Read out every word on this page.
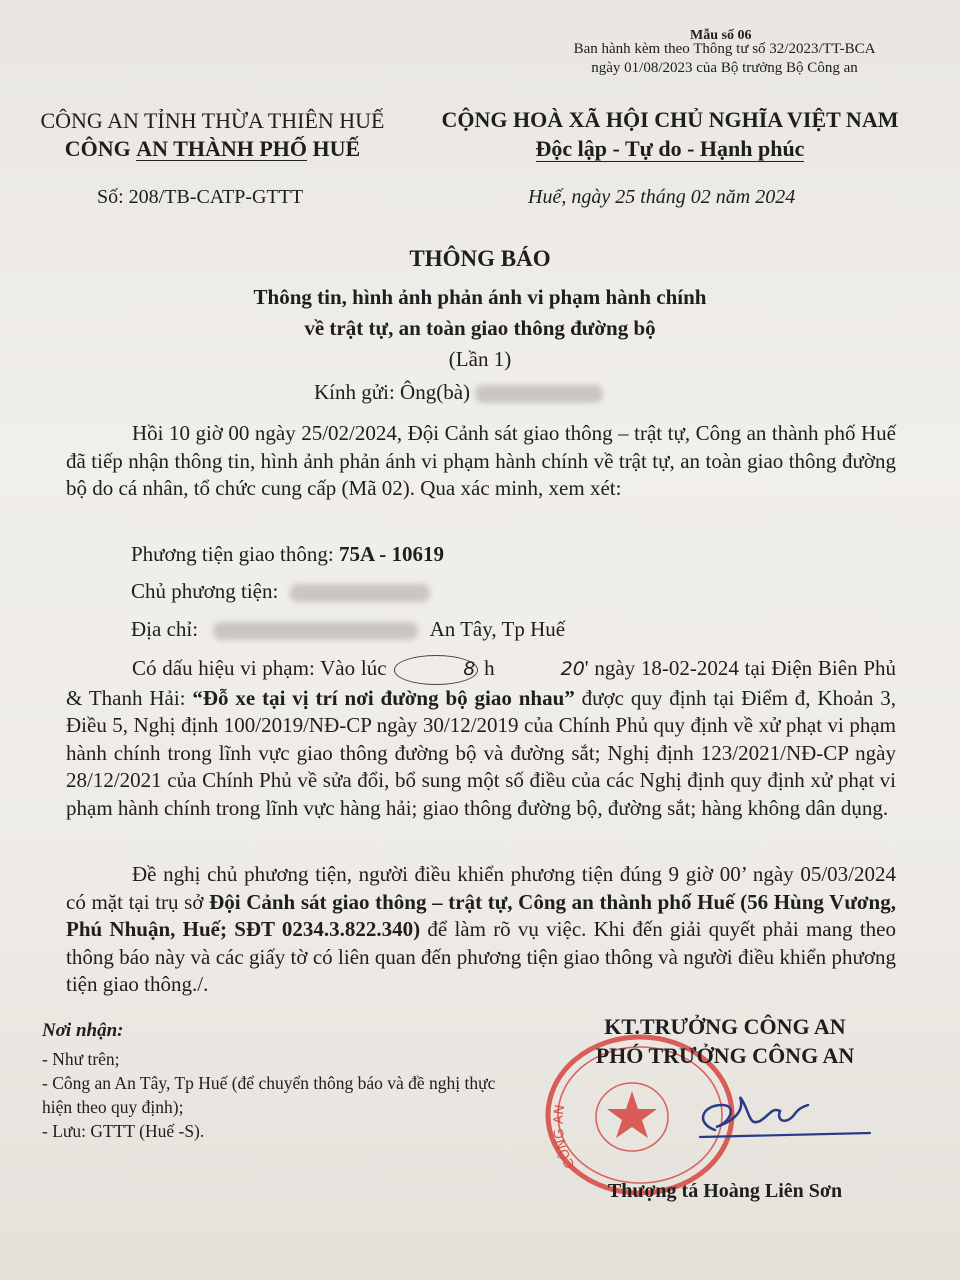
Mẫu số 06
Ban hành kèm theo Thông tư số 32/2023/TT-BCA
ngày 01/08/2023 của Bộ trưởng Bộ Công an
CÔNG AN TỈNH THỪA THIÊN HUẾ
CÔNG AN THÀNH PHỐ HUẾ
CỘNG HOÀ XÃ HỘI CHỦ NGHĨA VIỆT NAM
Độc lập - Tự do - Hạnh phúc
Số: 208/TB-CATP-GTTT	Huế, ngày 25 tháng 02 năm 2024
THÔNG BÁO
Thông tin, hình ảnh phản ánh vi phạm hành chính
về trật tự, an toàn giao thông đường bộ
(Lần 1)
Kính gửi: Ông(bà)
Hồi 10 giờ 00 ngày 25/02/2024, Đội Cảnh sát giao thông – trật tự, Công an thành phố Huế đã tiếp nhận thông tin, hình ảnh phản ánh vi phạm hành chính về trật tự, an toàn giao thông đường bộ do cá nhân, tổ chức cung cấp (Mã 02). Qua xác minh, xem xét:
Phương tiện giao thông: 75A - 10619
Chủ phương tiện:
Địa chỉ:	An Tây, Tp Huế
Có dấu hiệu vi phạm: Vào lúc	8 h	20' ngày 18-02-2024 tại Điện Biên Phủ & Thanh Hải: “Đỗ xe tại vị trí nơi đường bộ giao nhau” được quy định tại Điểm đ, Khoản 3, Điều 5, Nghị định 100/2019/NĐ-CP ngày 30/12/2019 của Chính Phủ quy định về xử phạt vi phạm hành chính trong lĩnh vực giao thông đường bộ và đường sắt; Nghị định 123/2021/NĐ-CP ngày 28/12/2021 của Chính Phủ về sửa đổi, bổ sung một số điều của các Nghị định quy định xử phạt vi phạm hành chính trong lĩnh vực hàng hải; giao thông đường bộ, đường sắt; hàng không dân dụng.
Đề nghị chủ phương tiện, người điều khiển phương tiện đúng 9 giờ 00’ ngày 05/03/2024 có mặt tại trụ sở Đội Cảnh sát giao thông – trật tự, Công an thành phố Huế (56 Hùng Vương, Phú Nhuận, Huế; SĐT 0234.3.822.340) để làm rõ vụ việc. Khi đến giải quyết phải mang theo thông báo này và các giấy tờ có liên quan đến phương tiện giao thông và người điều khiển phương tiện giao thông./.
Nơi nhận:
- Như trên;
- Công an An Tây, Tp Huế (để chuyển thông báo và đề nghị thực hiện theo quy định);
- Lưu: GTTT (Huế -S).
CÔNG AN
KT.TRƯỞNG CÔNG AN
PHÓ TRƯỞNG CÔNG AN
Thượng tá Hoàng Liên Sơn
